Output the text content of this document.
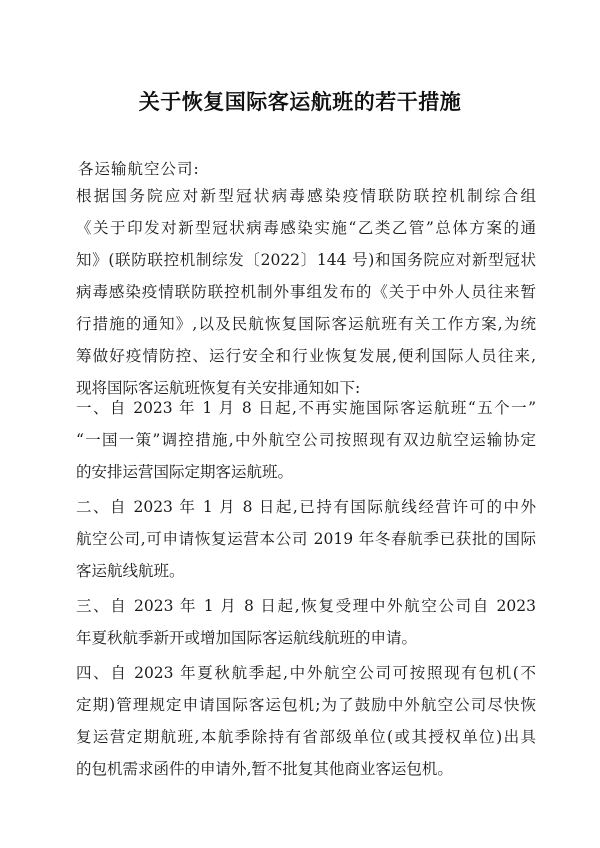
关于恢复国际客运航班的若干措施
各运输航空公司:
根据国务院应对新型冠状病毒感染疫情联防联控机制综合组
《关于印发对新型冠状病毒感染实施“乙类乙管”总体方案的通
知》(联防联控机制综发〔2022〕144 号)和国务院应对新型冠状
病毒感染疫情联防联控机制外事组发布的《关于中外人员往来暂
行措施的通知》,以及民航恢复国际客运航班有关工作方案,为统
筹做好疫情防控、运行安全和行业恢复发展,便利国际人员往来,
现将国际客运航班恢复有关安排通知如下:
一、自 2023 年 1 月 8 日起,不再实施国际客运航班“五个一”
“一国一策”调控措施,中外航空公司按照现有双边航空运输协定
的安排运营国际定期客运航班。
二、自 2023 年 1 月 8 日起,已持有国际航线经营许可的中外
航空公司,可申请恢复运营本公司 2019 年冬春航季已获批的国际
客运航线航班。
三、自 2023 年 1 月 8 日起,恢复受理中外航空公司自 2023
年夏秋航季新开或增加国际客运航线航班的申请。
四、自 2023 年夏秋航季起,中外航空公司可按照现有包机(不
定期)管理规定申请国际客运包机;为了鼓励中外航空公司尽快恢
复运营定期航班,本航季除持有省部级单位(或其授权单位)出具
的包机需求函件的申请外,暂不批复其他商业客运包机。
